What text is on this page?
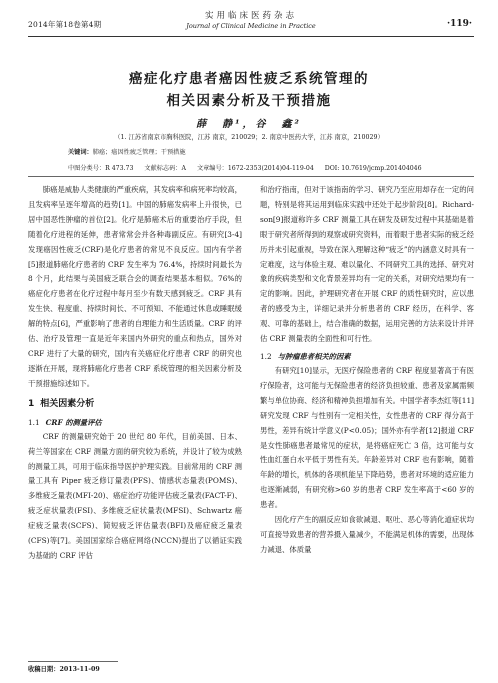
2014年第18卷第4期
实用临床医药杂志
Journal of Clinical Medicine in Practice	·119·
癌症化疗患者癌因性疲乏系统管理的
相关因素分析及干预措施
薛　静¹，谷　鑫²
（1. 江苏省南京市胸科医院，江苏 南京，210029；2. 南京中医药大学，江苏 南京，210029）
关键词：肺癌；癌因性疲乏管理；干预措施
中图分类号：R 473.73 文献标志码：A 文章编号：1672-2353(2014)04-119-04 DOI: 10.7619/jcmp.201404046

肺癌是威胁人类健康的严重疾病，其发病率和病死率均较高，且发病率呈逐年增高的趋势[1]。中国的肺癌发病率上升很快，已居中国恶性肿瘤的首位[2]。化疗是肺癌术后的重要治疗手段，但随着化疗进程的延伸，患者常常会并各种毒副反应。有研究[3-4]发现癌因性疲乏(CRF)是化疗患者的常见不良反应。国内有学者[5]报道肺癌化疗患者的 CRF 发生率为 76.4%，持续时间最长为 8 个月，此结果与美国疲乏联合会的调查结果基本相似。76%的癌症化疗患者在化疗过程中每月至少有数天感到疲乏。CRF 具有发生快、程度重、持续时间长、不可预知、不能通过休息或睡眠缓解的特点[6]，严重影响了患者的自理能力和生活质量。CRF 的评估、治疗及管理一直是近年来国内外研究的重点和热点，国外对 CRF 进行了大量的研究，国内有关癌症化疗患者 CRF 的研究也逐渐在开展，现将肺癌化疗患者 CRF 系统管理的相关因素分析及干预措施综述如下。

1 相关因素分析
1.1 CRF 的测量评估

CRF 的测量研究始于 20 世纪 80 年代，目前美国、日本、荷兰等国家在 CRF 测量方面的研究较为系统，并设计了较为成熟的测量工具，可用于临床指导医护护理实践。目前常用的 CRF 测量工具有 Piper 疲乏修订量表(PFS)、情感状态量表(POMS)、多维疲乏量表(MFI-20)、癌症治疗功能评估疲乏量表(FACT-F)、疲乏症状量表(FSI)、多维疲乏症状量表(MFSI)、Schwartz 癌症疲乏量表(SCFS)、简短疲乏评估量表(BFI)及癌症疲乏量表(CFS)等[7]。美国国家综合癌症网络(NCCN)提出了以循证实践为基础的 CRF 评估

和治疗指南，但对于该指南的学习、研究乃至应用却存在一定的问题，特别是将其运用到临床实践中还处于起步阶段[8]。Richard-son[9]报道称许多 CRF 测量工具在研发及研发过程中其基础是着眼于研究者所得到的观察或研究资料，而着眼于患者实际的疲乏经历并未引起重视，导致在深入理解这种“疲乏”的内涵意义时具有一定难度，这与体验主观、难以量化、不同研究工具的选择、研究对象的疾病类型和文化背景差异均有一定的关系，对研究结果均有一定的影响。因此，护理研究者在开展 CRF 的质性研究时，应以患者的感受为主，详细记录并分析患者的 CRF 经历，在科学、客观、可靠的基础上，结合准确的数据，运用完善的方法来设计并评估 CRF 测量表的全面性和可行性。

1.2 与肿瘤患者相关的因素

有研究[10]显示，无医疗保险患者的 CRF 程度显著高于有医疗保险者，这可能与无保险患者的经济负担较重、患者及家属需频繁与单位协商、经济和精神负担增加有关。中国学者李杰红等[11]研究发现 CRF 与性别有一定相关性，女性患者的 CRF 得分高于男性，差异有统计学意义(P<0.05)；国外亦有学者[12]报道 CRF 是女性肺癌患者最常见的症状，是将癌症死亡 3 倍，这可能与女性血红蛋白水平低于男性有关。年龄差异对 CRF 也有影响，随着年龄的增长，机体的各项机能呈下降趋势，患者对环境的适应能力也逐渐减弱，有研究称>60 岁的患者 CRF 发生率高于<60 岁的患者。

因化疗产生的副反应如食欲减退、呕吐、恶心等消化道症状均可直接导致患者的营养摄入量减少，不能满足机体的需要，出现体力减退、体质量

收稿日期：2013-11-09
